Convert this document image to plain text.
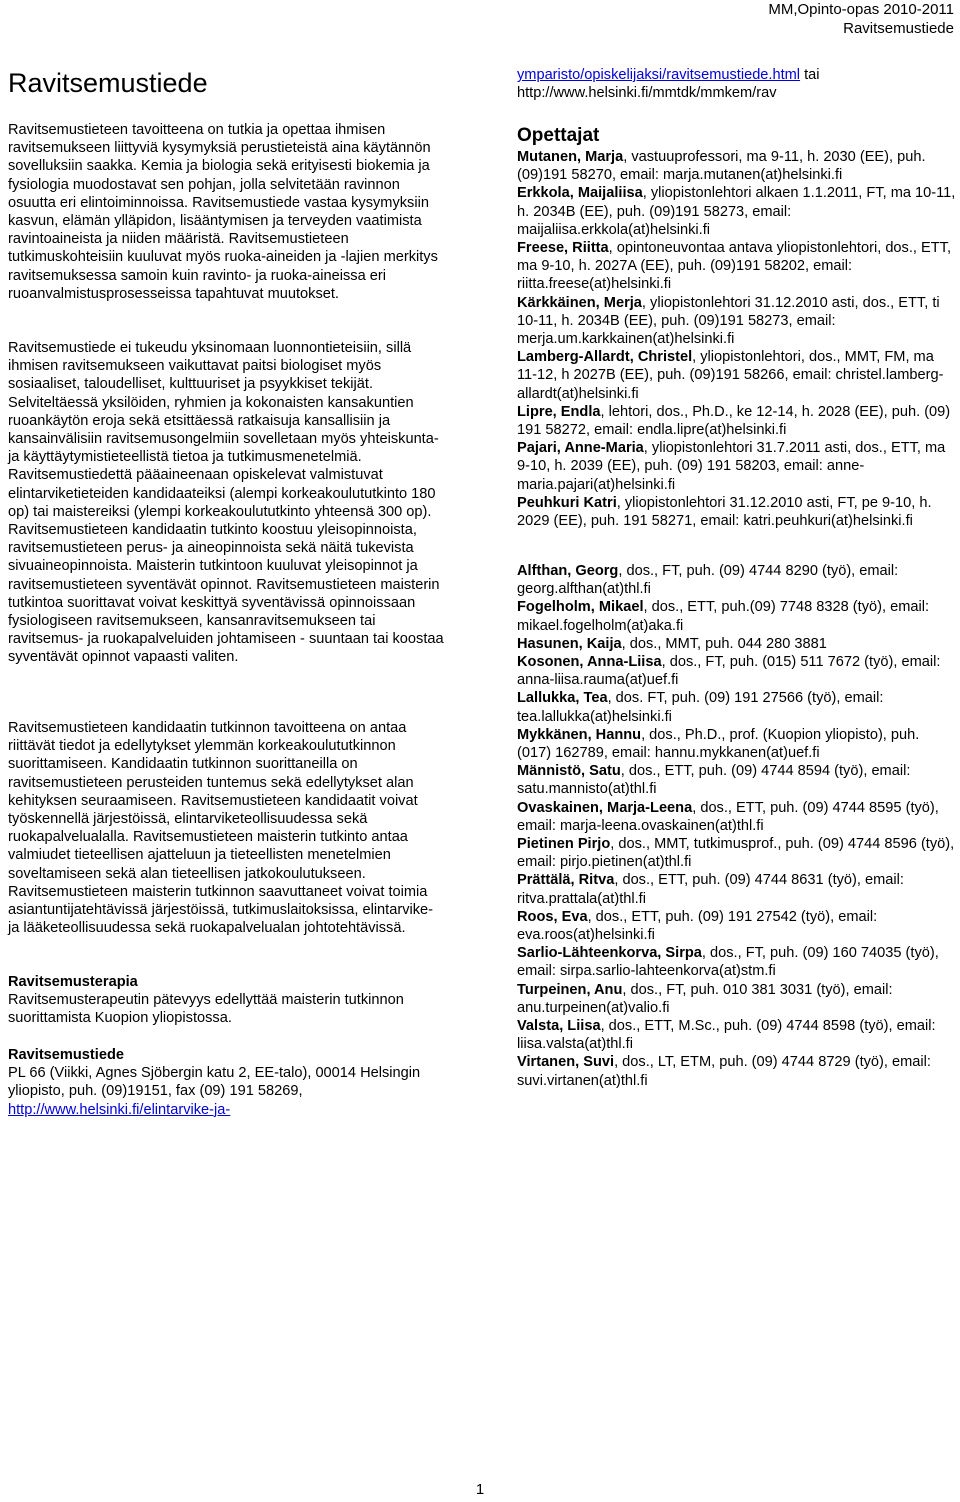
MM,Opinto-opas 2010-2011
Ravitsemustiede
Ravitsemustiede

Ravitsemustieteen tavoitteena on tutkia ja opettaa ihmisen ravitsemukseen liittyviä kysymyksiä perustieteistä aina käytännön sovelluksiin saakka. Kemia ja biologia sekä erityisesti biokemia ja fysiologia muodostavat sen pohjan, jolla selvitetään ravinnon osuutta eri elintoiminnoissa. Ravitsemustiede vastaa kysymyksiin kasvun, elämän ylläpidon, lisääntymisen ja terveyden vaatimista ravintoaineista ja niiden määristä. Ravitsemustieteen tutkimuskohteisiin kuuluvat myös ruoka-aineiden ja -lajien merkitys ravitsemuksessa samoin kuin ravinto- ja ruoka-aineissa eri ruoanvalmistusprosesseissa tapahtuvat muutokset.

Ravitsemustiede ei tukeudu yksinomaan luonnontieteisiin, sillä ihmisen ravitsemukseen vaikuttavat paitsi biologiset myös sosiaaliset, taloudelliset, kulttuuriset ja psyykkiset tekijät. Selviteltäessä yksilöiden, ryhmien ja kokonaisten kansakuntien ruoankäytön eroja sekä etsittäessä ratkaisuja kansallisiin ja kansainvälisiin ravitsemusongelmiin sovelletaan myös yhteiskunta- ja käyttäytymistieteellistä tietoa ja tutkimusmenetelmiä. Ravitsemustiedettä pääaineenaan opiskelevat valmistuvat elintarviketieteiden kandidaateiksi (alempi korkeakoulututkinto 180 op) tai maistereiksi (ylempi korkeakoulututkinto yhteensä 300 op). Ravitsemustieteen kandidaatin tutkinto koostuu yleisopinnoista, ravitsemustieteen perus- ja aineopinnoista sekä näitä tukevista sivuaineopinnoista. Maisterin tutkintoon kuuluvat yleisopinnot ja ravitsemustieteen syventävät opinnot. Ravitsemustieteen maisterin tutkintoa suorittavat voivat keskittyä syventävissä opinnoissaan fysiologiseen ravitsemukseen, kansanravitsemukseen tai ravitsemus- ja ruokapalveluiden johtamiseen - suuntaan tai koostaa syventävät opinnot vapaasti valiten.

Ravitsemustieteen kandidaatin tutkinnon tavoitteena on antaa riittävät tiedot ja edellytykset ylemmän korkeakoulututkinnon suorittamiseen. Kandidaatin tutkinnon suorittaneilla on ravitsemustieteen perusteiden tuntemus sekä edellytykset alan kehityksen seuraamiseen. Ravitsemustieteen kandidaatit voivat työskennellä järjestöissä, elintarviketeollisuudessa sekä ruokapalvelualalla. Ravitsemustieteen maisterin tutkinto antaa valmiudet tieteellisen ajatteluun ja tieteellisten menetelmien soveltamiseen sekä alan tieteellisen jatkokoulutukseen. Ravitsemustieteen maisterin tutkinnon saavuttaneet voivat toimia asiantuntijatehtävissä järjestöissä, tutkimuslaitoksissa, elintarvike- ja lääketeollisuudessa sekä ruokapalvelualan johtotehtävissä.

Ravitsemusterapia

Ravitsemusterapeutin pätevyys edellyttää maisterin tutkinnon suorittamista Kuopion yliopistossa.

Ravitsemustiede

PL 66 (Viikki, Agnes Sjöbergin katu 2, EE-talo), 00014 Helsingin yliopisto, puh. (09)19151, fax (09) 191 58269,

http://www.helsinki.fi/elintarvike-ja-

ymparisto/opiskelijaksi/ravitsemustiede.html tai

http://www.helsinki.fi/mmtdk/mmkem/rav

Opettajat

Mutanen, Marja, vastuuprofessori, ma 9-11, h. 2030 (EE), puh. (09)191 58270, email: marja.mutanen(at)helsinki.fi

Erkkola, Maijaliisa, yliopistonlehtori alkaen 1.1.2011, FT, ma 10-11, h. 2034B (EE), puh. (09)191 58273, email: maijaliisa.erkkola(at)helsinki.fi

Freese, Riitta, opintoneuvontaa antava yliopistonlehtori, dos., ETT, ma 9-10, h. 2027A (EE), puh. (09)191 58202, email: riitta.freese(at)helsinki.fi

Kärkkäinen, Merja, yliopistonlehtori 31.12.2010 asti, dos., ETT, ti 10-11, h. 2034B (EE), puh. (09)191 58273, email: merja.um.karkkainen(at)helsinki.fi

Lamberg-Allardt, Christel, yliopistonlehtori, dos., MMT, FM, ma 11-12, h 2027B (EE), puh. (09)191 58266, email: christel.lamberg-allardt(at)helsinki.fi

Lipre, Endla, lehtori, dos., Ph.D., ke 12-14, h. 2028 (EE), puh. (09) 191 58272, email: endla.lipre(at)helsinki.fi

Pajari, Anne-Maria, yliopistonlehtori 31.7.2011 asti, dos., ETT, ma 9-10, h. 2039 (EE), puh. (09) 191 58203, email: anne-maria.pajari(at)helsinki.fi

Peuhkuri Katri, yliopistonlehtori 31.12.2010 asti, FT, pe 9-10, h. 2029 (EE), puh. 191 58271, email: katri.peuhkuri(at)helsinki.fi

Alfthan, Georg, dos., FT, puh. (09) 4744 8290 (työ), email: georg.alfthan(at)thl.fi

Fogelholm, Mikael, dos., ETT, puh.(09) 7748 8328 (työ), email: mikael.fogelholm(at)aka.fi

Hasunen, Kaija, dos., MMT, puh. 044 280 3881

Kosonen, Anna-Liisa, dos., FT, puh. (015) 511 7672 (työ), email: anna-liisa.rauma(at)uef.fi

Lallukka, Tea, dos. FT, puh. (09) 191 27566 (työ), email: tea.lallukka(at)helsinki.fi

Mykkänen, Hannu, dos., Ph.D., prof. (Kuopion yliopisto), puh. (017) 162789, email: hannu.mykkanen(at)uef.fi

Männistö, Satu, dos., ETT, puh. (09) 4744 8594 (työ), email: satu.mannisto(at)thl.fi

Ovaskainen, Marja-Leena, dos., ETT, puh. (09) 4744 8595 (työ), email: marja-leena.ovaskainen(at)thl.fi

Pietinen Pirjo, dos., MMT, tutkimusprof., puh. (09) 4744 8596 (työ), email: pirjo.pietinen(at)thl.fi

Prättälä, Ritva, dos., ETT, puh. (09) 4744 8631 (työ), email: ritva.prattala(at)thl.fi

Roos, Eva, dos., ETT, puh. (09) 191 27542 (työ), email: eva.roos(at)helsinki.fi

Sarlio-Lähteenkorva, Sirpa, dos., FT, puh. (09) 160 74035 (työ), email: sirpa.sarlio-lahteenkorva(at)stm.fi

Turpeinen, Anu, dos., FT, puh. 010 381 3031 (työ), email: anu.turpeinen(at)valio.fi

Valsta, Liisa, dos., ETT, M.Sc., puh. (09) 4744 8598 (työ), email: liisa.valsta(at)thl.fi

Virtanen, Suvi, dos., LT, ETM, puh. (09) 4744 8729 (työ), email: suvi.virtanen(at)thl.fi

1
